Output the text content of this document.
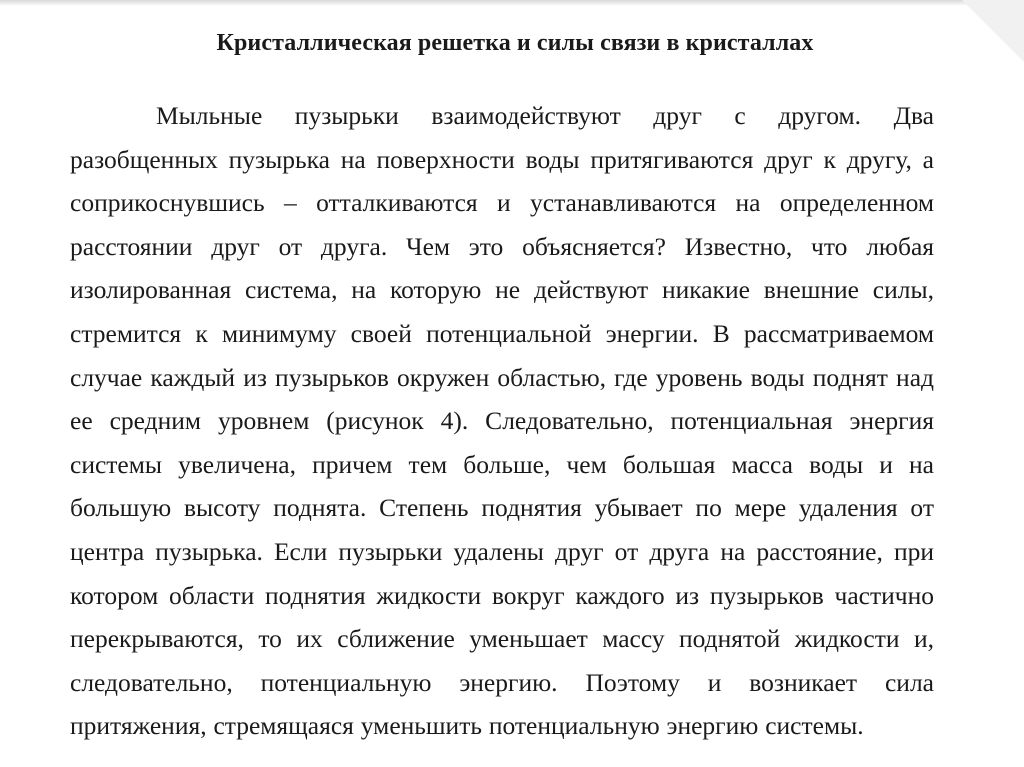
Кристаллическая решетка и силы связи в кристаллах

Мыльные пузырьки взаимодействуют друг с другом. Два разобщенных пузырька на поверхности воды притягиваются друг к другу, а соприкоснувшись – отталкиваются и устанавливаются на определенном расстоянии друг от друга. Чем это объясняется? Известно, что любая изолированная система, на которую не действуют никакие внешние силы, стремится к минимуму своей потенциальной энергии. В рассматриваемом случае каждый из пузырьков окружен областью, где уровень воды поднят над ее средним уровнем (рисунок 4). Следовательно, потенциальная энергия системы увеличена, причем тем больше, чем большая масса воды и на большую высоту поднята. Степень поднятия убывает по мере удаления от центра пузырька. Если пузырьки удалены друг от друга на расстояние, при котором области поднятия жидкости вокруг каждого из пузырьков частично перекрываются, то их сближение уменьшает массу поднятой жидкости и, следовательно, потенциальную энергию. Поэтому и возникает сила притяжения, стремящаяся уменьшить потенциальную энергию системы.
